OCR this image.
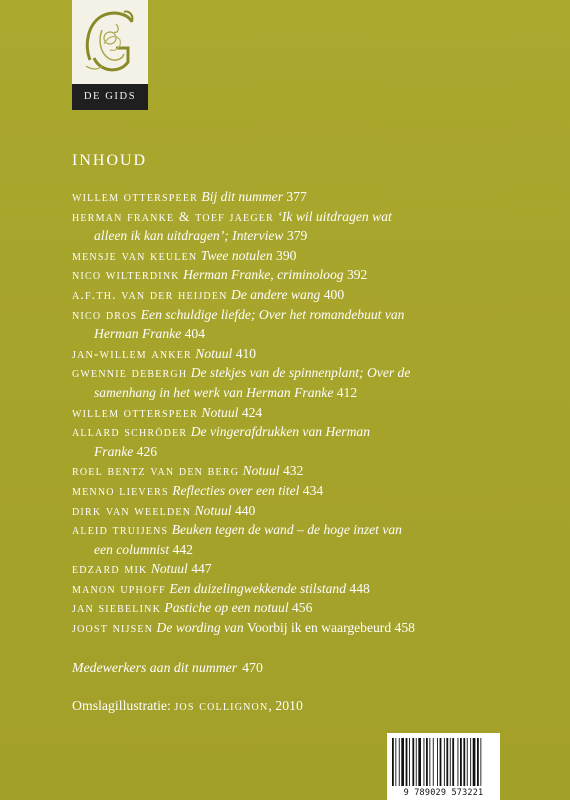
DE GIDS
INHOUD
willem otterspeer Bij dit nummer 377
herman franke & toef jaeger ‘Ik wil uitdragen wat

alleen ik kan uitdragen’; Interview 379
mensje van keulen Twee notulen 390
nico wilterdink Herman Franke, criminoloog 392
a.f.th. van der heijden De andere wang 400
nico dros Een schuldige liefde; Over het romandebuut van

Herman Franke 404
jan-willem anker Notuul 410
gwennie debergh De stekjes van de spinnenplant; Over de

samenhang in het werk van Herman Franke 412
willem otterspeer Notuul 424
allard schröder De vingerafdrukken van Herman

Franke 426
roel bentz van den berg Notuul 432
menno lievers Reflecties over een titel 434
dirk van weelden Notuul 440
aleid truijens Beuken tegen de wand – de hoge inzet van

een columnist 442
edzard mik Notuul 447
manon uphoff Een duizelingwekkende stilstand 448
jan siebelink Pastiche op een notuul 456
joost nijsen De wording van Voorbij ik en waargebeurd 458
Medewerkers aan dit nummer 470
Omslagillustratie: jos collignon, 2010
9 789029 573221
